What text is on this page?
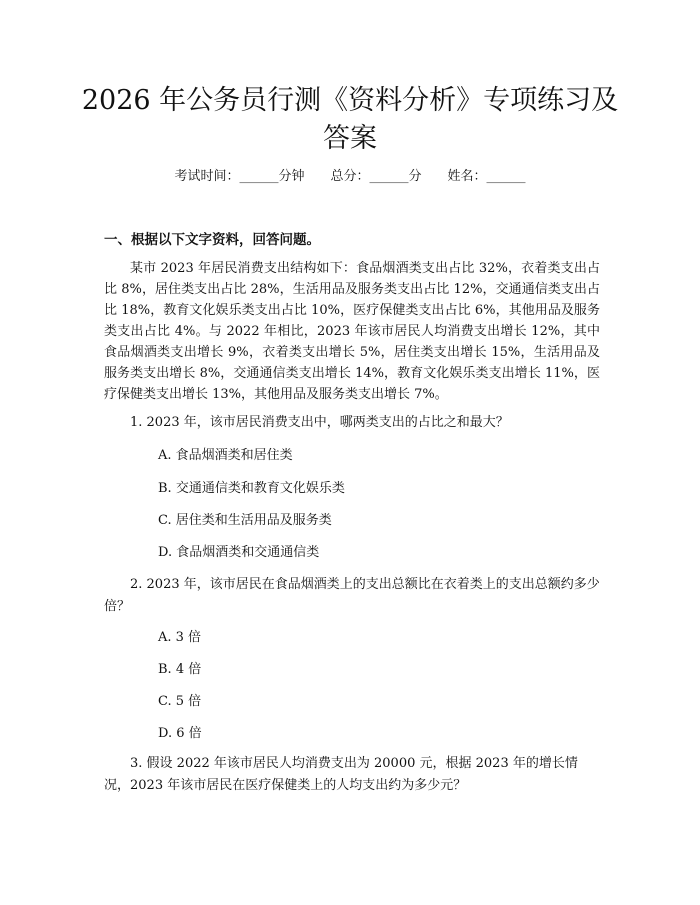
2026 年公务员行测《资料分析》专项练习及答案
考试时间：______分钟　　总分：______分　　姓名：______
一、根据以下文字资料，回答问题。

某市 2023 年居民消费支出结构如下：食品烟酒类支出占比 32%，衣着类支出占比 8%，居住类支出占比 28%，生活用品及服务类支出占比 12%，交通通信类支出占比 18%，教育文化娱乐类支出占比 10%，医疗保健类支出占比 6%，其他用品及服务类支出占比 4%。与 2022 年相比，2023 年该市居民人均消费支出增长 12%，其中食品烟酒类支出增长 9%，衣着类支出增长 5%，居住类支出增长 15%，生活用品及服务类支出增长 8%，交通通信类支出增长 14%，教育文化娱乐类支出增长 11%，医疗保健类支出增长 13%，其他用品及服务类支出增长 7%。

1. 2023 年，该市居民消费支出中，哪两类支出的占比之和最大？

A. 食品烟酒类和居住类
B. 交通通信类和教育文化娱乐类
C. 居住类和生活用品及服务类
D. 食品烟酒类和交通通信类

2. 2023 年，该市居民在食品烟酒类上的支出总额比在衣着类上的支出总额约多少倍？

A. 3 倍
B. 4 倍
C. 5 倍
D. 6 倍

3. 假设 2022 年该市居民人均消费支出为 20000 元，根据 2023 年的增长情况，2023 年该市居民在医疗保健类上的人均支出约为多少元？
